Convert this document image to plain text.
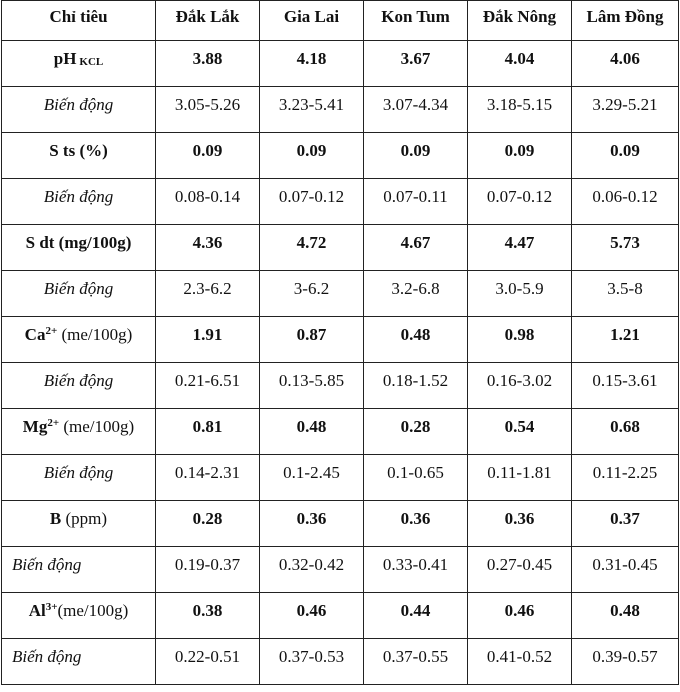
Chỉ tiêu	Đắk Lắk	Gia Lai	Kon Tum	Đắk Nông	Lâm Đồng
pH KCL	3.88	4.18	3.67	4.04	4.06
Biến động	3.05-5.26	3.23-5.41	3.07-4.34	3.18-5.15	3.29-5.21
S ts (%)	0.09	0.09	0.09	0.09	0.09
Biến động	0.08-0.14	0.07-0.12	0.07-0.11	0.07-0.12	0.06-0.12
S dt (mg/100g)	4.36	4.72	4.67	4.47	5.73
Biến động	2.3-6.2	3-6.2	3.2-6.8	3.0-5.9	3.5-8
$Ca^{2+}$ (me/100g)	1.91	0.87	0.48	0.98	1.21
Biến động	0.21-6.51	0.13-5.85	0.18-1.52	0.16-3.02	0.15-3.61
$Mg^{2+}$ (me/100g)	0.81	0.48	0.28	0.54	0.68
Biến động	0.14-2.31	0.1-2.45	0.1-0.65	0.11-1.81	0.11-2.25
B (ppm)	0.28	0.36	0.36	0.36	0.37
Biến động	0.19-0.37	0.32-0.42	0.33-0.41	0.27-0.45	0.31-0.45
$Al^{3+}(me/100g)$	0.38	0.46	0.44	0.46	0.48
Biến động	0.22-0.51	0.37-0.53	0.37-0.55	0.41-0.52	0.39-0.57
